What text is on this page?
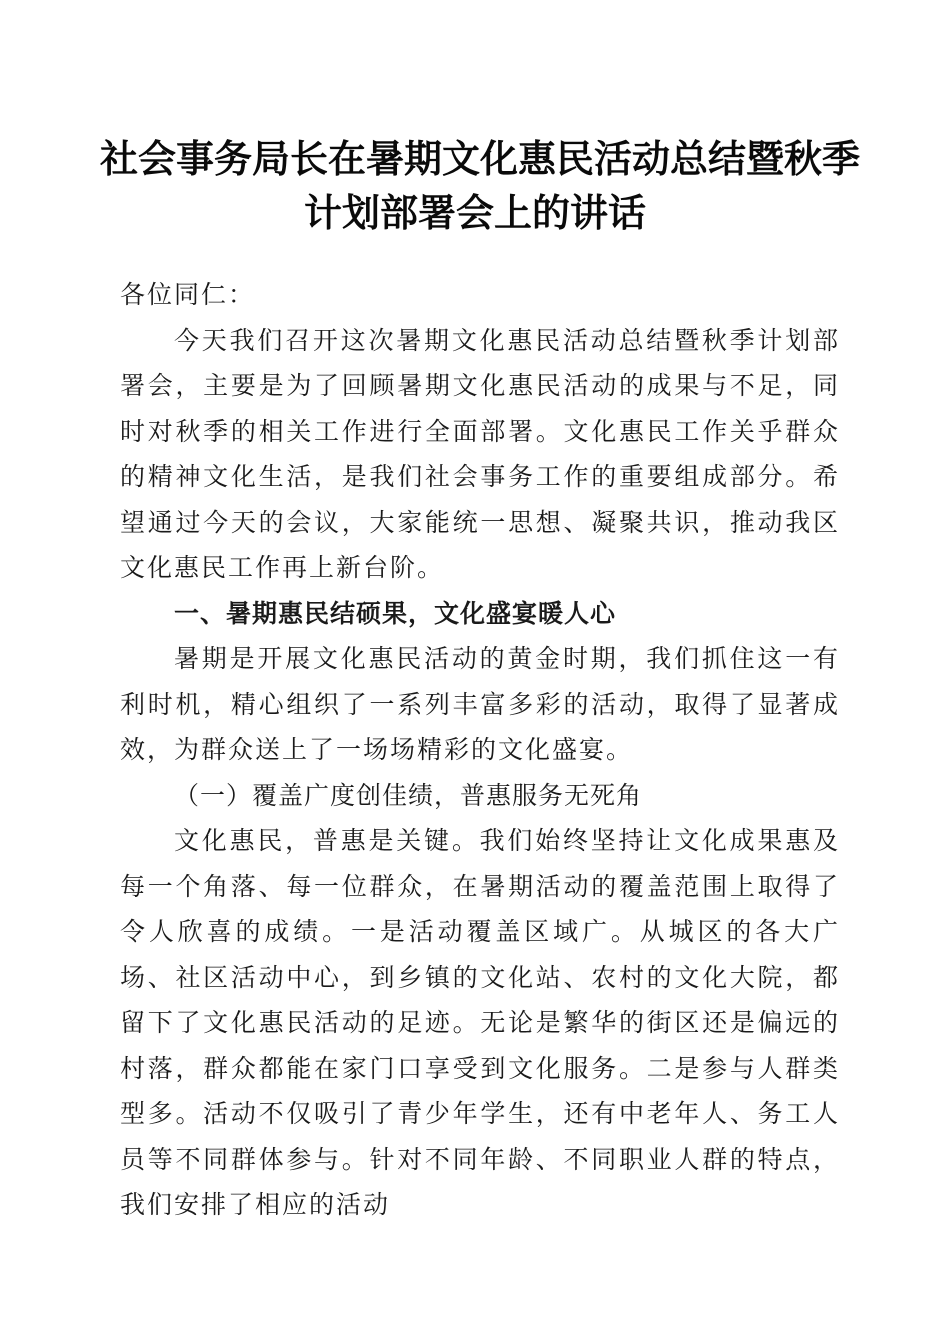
社会事务局长在暑期文化惠民活动总结暨秋季
计划部署会上的讲话

各位同仁：

今天我们召开这次暑期文化惠民活动总结暨秋季计划部署会，主要是为了回顾暑期文化惠民活动的成果与不足，同时对秋季的相关工作进行全面部署。文化惠民工作关乎群众的精神文化生活，是我们社会事务工作的重要组成部分。希望通过今天的会议，大家能统一思想、凝聚共识，推动我区文化惠民工作再上新台阶。

一、暑期惠民结硕果，文化盛宴暖人心

暑期是开展文化惠民活动的黄金时期，我们抓住这一有利时机，精心组织了一系列丰富多彩的活动，取得了显著成效，为群众送上了一场场精彩的文化盛宴。

（一）覆盖广度创佳绩，普惠服务无死角

文化惠民，普惠是关键。我们始终坚持让文化成果惠及每一个角落、每一位群众，在暑期活动的覆盖范围上取得了令人欣喜的成绩。一是活动覆盖区域广。从城区的各大广场、社区活动中心，到乡镇的文化站、农村的文化大院，都留下了文化惠民活动的足迹。无论是繁华的街区还是偏远的村落，群众都能在家门口享受到文化服务。二是参与人群类型多。活动不仅吸引了青少年学生，还有中老年人、务工人员等不同群体参与。针对不同年龄、不同职业人群的特点，我们安排了相应的活动
